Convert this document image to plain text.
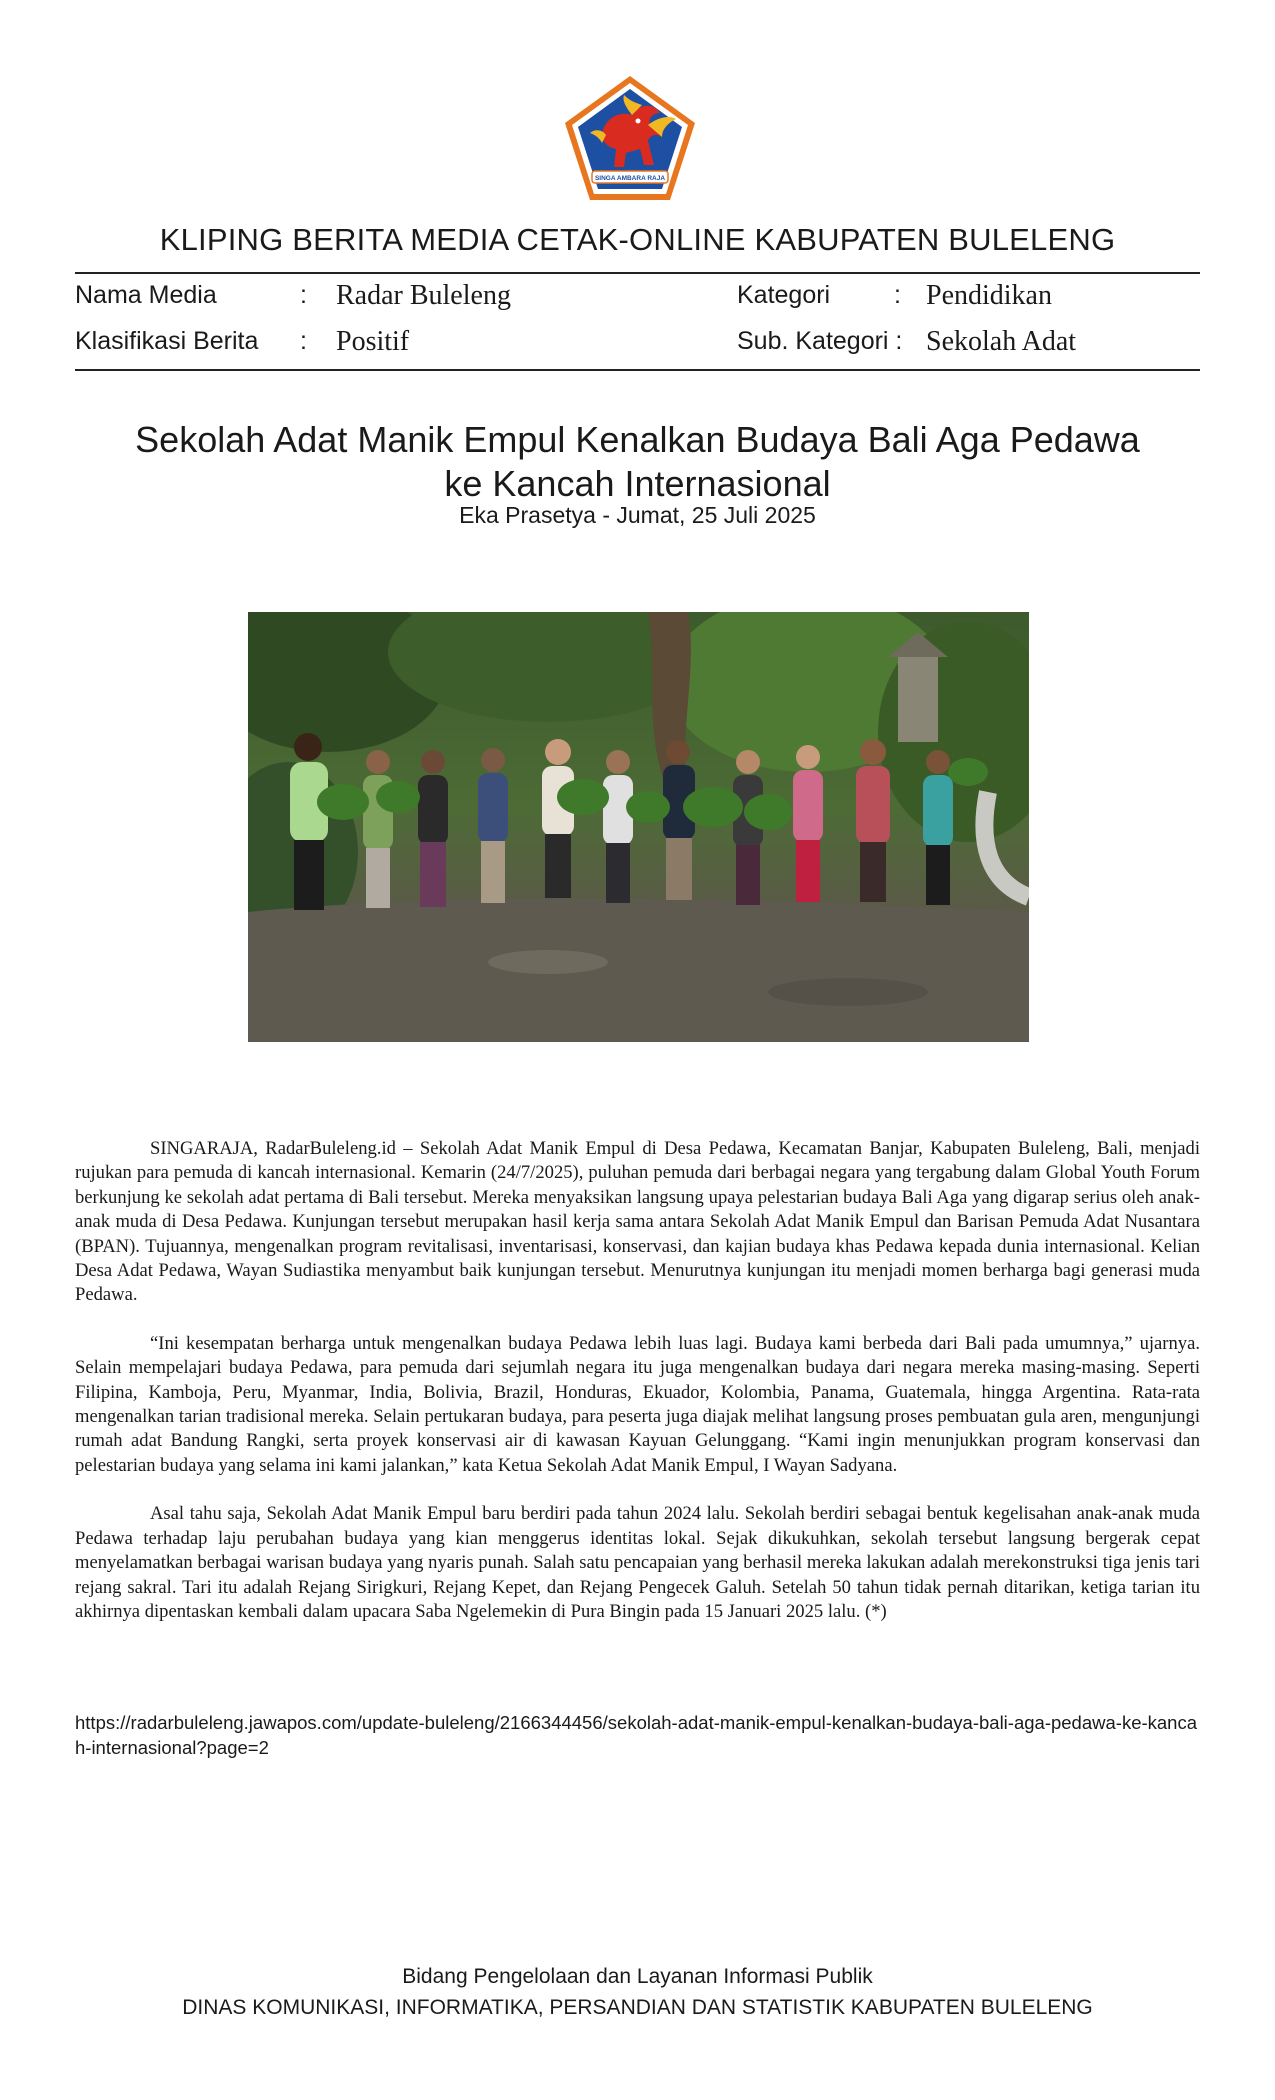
SINGA AMBARA RAJA
KLIPING BERITA MEDIA CETAK-ONLINE KABUPATEN BULELENG
Nama Media	: Radar Buleleng	Kategori	: Pendidikan
Klasifikasi Berita : Positif	Sub. Kategori : Sekolah Adat
Sekolah Adat Manik Empul Kenalkan Budaya Bali Aga Pedawa
ke Kancah Internasional
Eka Prasetya - Jumat, 25 Juli 2025

SINGARAJA, RadarBuleleng.id – Sekolah Adat Manik Empul di Desa Pedawa, Kecamatan Banjar, Kabupaten Buleleng, Bali, menjadi rujukan para pemuda di kancah internasional. Kemarin (24/7/2025), puluhan pemuda dari berbagai negara yang tergabung dalam Global Youth Forum berkunjung ke sekolah adat pertama di Bali tersebut. Mereka menyaksikan langsung upaya pelestarian budaya Bali Aga yang digarap serius oleh anak-anak muda di Desa Pedawa. Kunjungan tersebut merupakan hasil kerja sama antara Sekolah Adat Manik Empul dan Barisan Pemuda Adat Nusantara (BPAN). Tujuannya, mengenalkan program revitalisasi, inventarisasi, konservasi, dan kajian budaya khas Pedawa kepada dunia internasional. Kelian Desa Adat Pedawa, Wayan Sudiastika menyambut baik kunjungan tersebut. Menurutnya kunjungan itu menjadi momen berharga bagi generasi muda Pedawa.

“Ini kesempatan berharga untuk mengenalkan budaya Pedawa lebih luas lagi. Budaya kami berbeda dari Bali pada umumnya,” ujarnya. Selain mempelajari budaya Pedawa, para pemuda dari sejumlah negara itu juga mengenalkan budaya dari negara mereka masing-masing. Seperti Filipina, Kamboja, Peru, Myanmar, India, Bolivia, Brazil, Honduras, Ekuador, Kolombia, Panama, Guatemala, hingga Argentina. Rata-rata mengenalkan tarian tradisional mereka. Selain pertukaran budaya, para peserta juga diajak melihat langsung proses pembuatan gula aren, mengunjungi rumah adat Bandung Rangki, serta proyek konservasi air di kawasan Kayuan Gelunggang. “Kami ingin menunjukkan program konservasi dan pelestarian budaya yang selama ini kami jalankan,” kata Ketua Sekolah Adat Manik Empul, I Wayan Sadyana.

Asal tahu saja, Sekolah Adat Manik Empul baru berdiri pada tahun 2024 lalu. Sekolah berdiri sebagai bentuk kegelisahan anak-anak muda Pedawa terhadap laju perubahan budaya yang kian menggerus identitas lokal. Sejak dikukuhkan, sekolah tersebut langsung bergerak cepat menyelamatkan berbagai warisan budaya yang nyaris punah. Salah satu pencapaian yang berhasil mereka lakukan adalah merekonstruksi tiga jenis tari rejang sakral. Tari itu adalah Rejang Sirigkuri, Rejang Kepet, dan Rejang Pengecek Galuh. Setelah 50 tahun tidak pernah ditarikan, ketiga tarian itu akhirnya dipentaskan kembali dalam upacara Saba Ngelemekin di Pura Bingin pada 15 Januari 2025 lalu. (*)

https://radarbuleleng.jawapos.com/update-buleleng/2166344456/sekolah-adat-manik-empul-kenalkan-budaya-bali-aga-pedawa-ke-kancah-internasional?page=2
Bidang Pengelolaan dan Layanan Informasi Publik
DINAS KOMUNIKASI, INFORMATIKA, PERSANDIAN DAN STATISTIK KABUPATEN BULELENG
